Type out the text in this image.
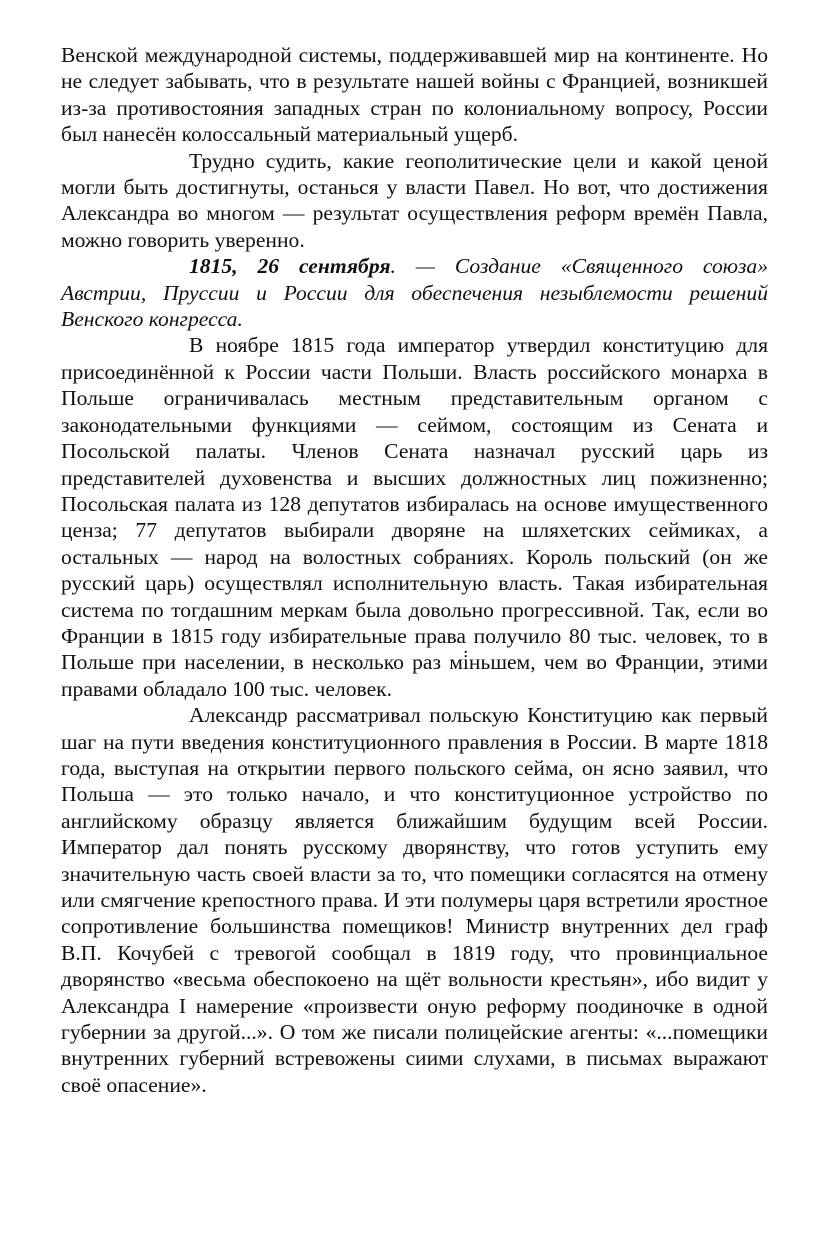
Венской международной системы, поддерживавшей мир на континенте. Но не следует забывать, что в результате нашей войны с Францией, возникшей из-за противостояния западных стран по колониальному вопросу, России был нанесён колоссальный материальный ущерб.

Трудно судить, какие геополитические цели и какой ценой могли быть достигнуты, останься у власти Павел. Но вот, что достижения Александра во многом — результат осуществления реформ времён Павла, можно говорить уверенно.

1815, 26 сентября. — Создание «Священного союза» Австрии, Пруссии и России для обеспечения незыблемости решений Венского конгресса.

В ноябре 1815 года император утвердил конституцию для присоединённой к России части Польши. Власть российского монарха в Польше ограничивалась местным представительным органом с законодательными функциями — сеймом, состоящим из Сената и Посольской палаты. Членов Сената назначал русский царь из представителей духовенства и высших должностных лиц пожизненно; Посольская палата из 128 депутатов избиралась на основе имущественного ценза; 77 депутатов выбирали дворяне на шляхетских сеймиках, а остальных — народ на волостных собраниях. Король польский (он же русский царь) осуществлял исполнительную власть. Такая избирательная система по тогдашним меркам была довольно прогрессивной. Так, если во Франции в 1815 году избирательные права получило 80 тыс. человек, то в Польше при населении, в несколько раз мi̇ньшем, чем во Франции, этими правами обладало 100 тыс. человек.

Александр рассматривал польскую Конституцию как первый шаг на пути введения конституционного правления в России. В марте 1818 года, выступая на открытии первого польского сейма, он ясно заявил, что Польша — это только начало, и что конституционное устройство по английскому образцу является ближайшим будущим всей России. Император дал понять русскому дворянству, что готов уступить ему значительную часть своей власти за то, что помещики согласятся на отмену или смягчение крепостного права. И эти полумеры царя встретили яростное сопротивление большинства помещиков! Министр внутренних дел граф В.П. Кочубей с тревогой сообщал в 1819 году, что провинциальное дворянство «весьма обеспокоено на щёт вольности крестьян», ибо видит у Александра I намерение «произвести оную реформу поодиночке в одной губернии за другой...». О том же писали полицейские агенты: «...помещики внутренних губерний встревожены сиими слухами, в письмах выражают своё опасение».
